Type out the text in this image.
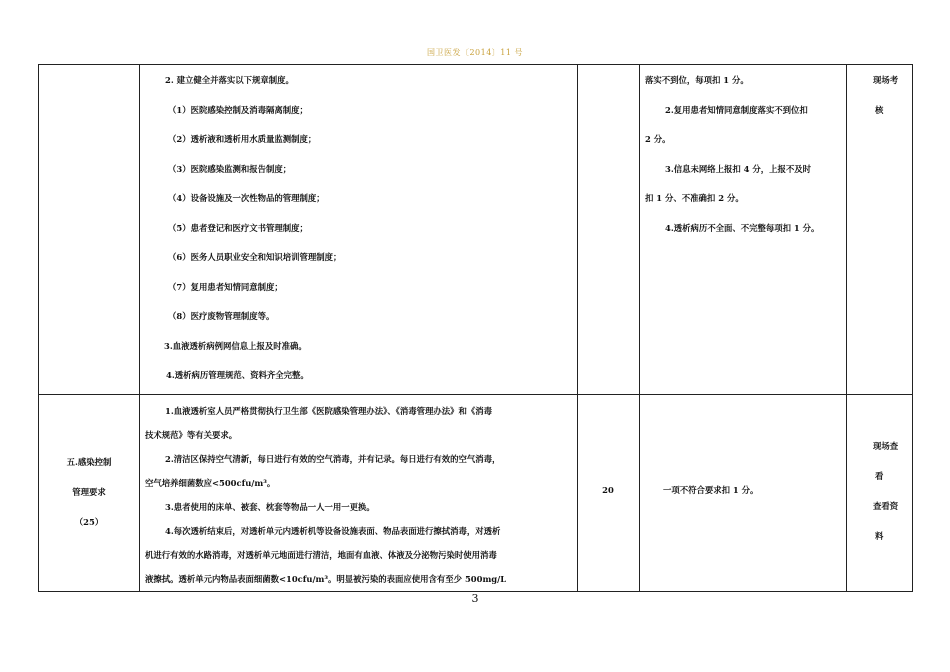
国卫医发〔2014〕11 号
2. 建立健全并落实以下规章制度。
（1）医院感染控制及消毒隔离制度；
（2）透析液和透析用水质量监测制度；
（3）医院感染监测和报告制度；
（4）设备设施及一次性物品的管理制度；
（5）患者登记和医疗文书管理制度；
（6）医务人员职业安全和知识培训管理制度；
（7）复用患者知情同意制度；
（8）医疗废物管理制度等。
3.血液透析病例网信息上报及时准确。
4.透析病历管理规范、资料齐全完整。
落实不到位，每项扣 1 分。
2.复用患者知情同意制度落实不到位扣
2 分。
3.信息未网络上报扣 4 分，上报不及时
扣 1 分、不准确扣 2 分。
4.透析病历不全面、不完整每项扣 1 分。
现场考
核
五.感染控制
管理要求
（25）
1.血液透析室人员严格贯彻执行卫生部《医院感染管理办法》、《消毒管理办法》和《消毒
技术规范》等有关要求。
2.清洁区保持空气清新，每日进行有效的空气消毒，并有记录。每日进行有效的空气消毒，
空气培养细菌数应<500cfu/m³。
3.患者使用的床单、被套、枕套等物品一人一用一更换。
4.每次透析结束后，对透析单元内透析机等设备设施表面、物品表面进行擦拭消毒，对透析
机进行有效的水路消毒，对透析单元地面进行清洁，地面有血液、体液及分泌物污染时使用消毒
液擦拭。透析单元内物品表面细菌数<10cfu/m³。明显被污染的表面应使用含有至少 500mg/L
20	一项不符合要求扣 1 分。
现场查
看
查看资
料
3
